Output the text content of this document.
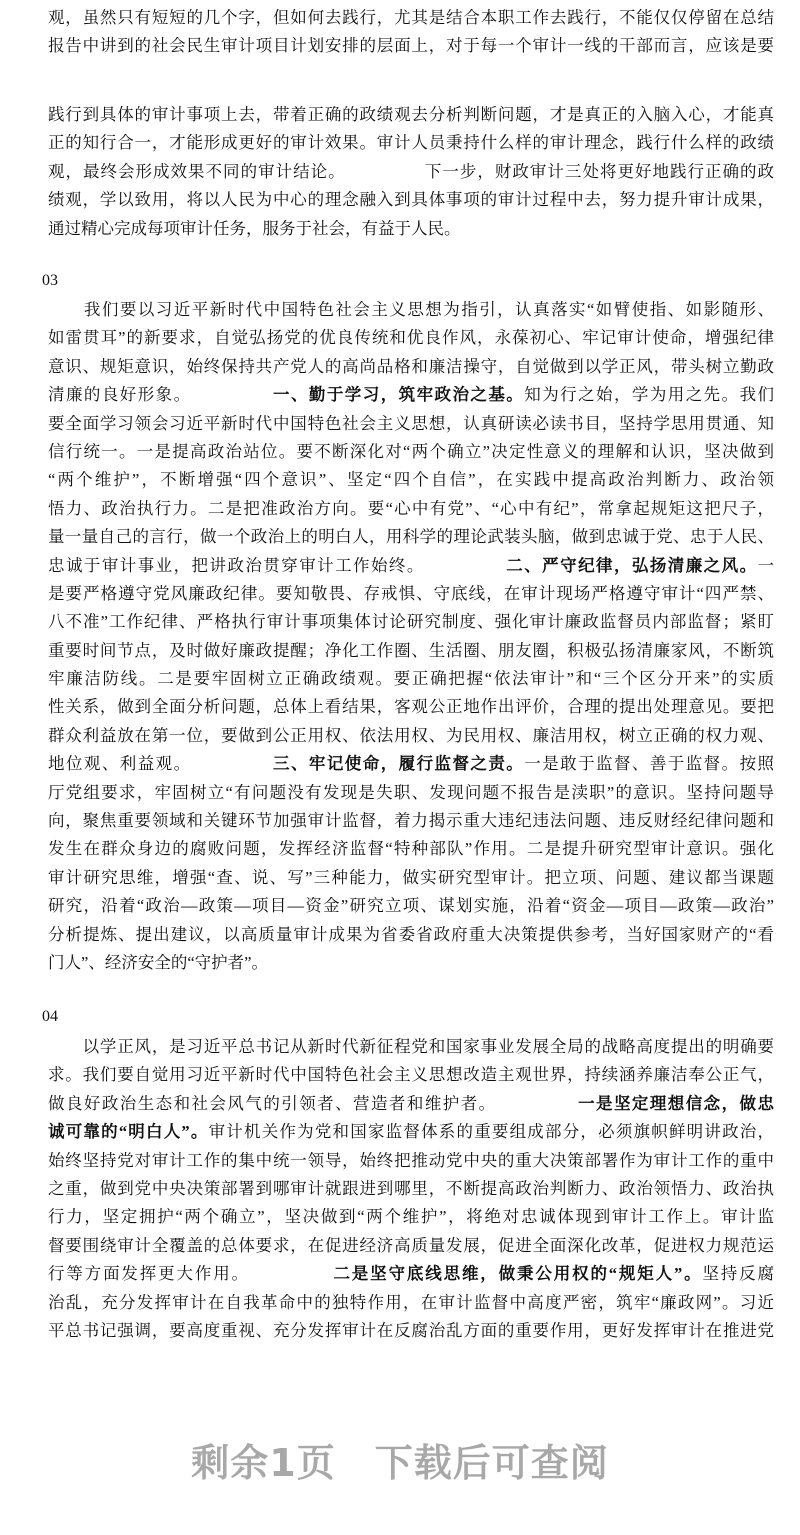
观，虽然只有短短的几个字，但如何去践行，尤其是结合本职工作去践行，不能仅仅停留在总结
报告中讲到的社会民生审计项目计划安排的层面上，对于每一个审计一线的干部而言，应该是要
践行到具体的审计事项上去，带着正确的政绩观去分析判断问题，才是真正的入脑入心，才能真
正的知行合一，才能形成更好的审计效果。审计人员秉持什么样的审计理念，践行什么样的政绩
观，最终会形成效果不同的审计结论。　　　　　下一步，财政审计三处将更好地践行正确的政
绩观，学以致用，将以人民为中心的理念融入到具体事项的审计过程中去，努力提升审计成果，
通过精心完成每项审计任务，服务于社会，有益于人民。
03
　　我们要以习近平新时代中国特色社会主义思想为指引，认真落实“如臂使指、如影随形、
如雷贯耳”的新要求，自觉弘扬党的优良传统和优良作风，永葆初心、牢记审计使命，增强纪律
意识、规矩意识，始终保持共产党人的高尚品格和廉洁操守，自觉做到以学正风，带头树立勤政
清廉的良好形象。　　　　　一、勤于学习，筑牢政治之基。知为行之始，学为用之先。我们
要全面学习领会习近平新时代中国特色社会主义思想，认真研读必读书目，坚持学思用贯通、知
信行统一。一是提高政治站位。要不断深化对“两个确立”决定性意义的理解和认识，坚决做到
“两个维护”，不断增强“四个意识”、坚定“四个自信”，在实践中提高政治判断力、政治领
悟力、政治执行力。二是把准政治方向。要“心中有党”、“心中有纪”，常拿起规矩这把尺子，
量一量自己的言行，做一个政治上的明白人，用科学的理论武装头脑，做到忠诚于党、忠于人民、
忠诚于审计事业，把讲政治贯穿审计工作始终。　　　　　二、严守纪律，弘扬清廉之风。一
是要严格遵守党风廉政纪律。要知敬畏、存戒惧、守底线，在审计现场严格遵守审计“四严禁、
八不准”工作纪律、严格执行审计事项集体讨论研究制度、强化审计廉政监督员内部监督；紧盯
重要时间节点，及时做好廉政提醒；净化工作圈、生活圈、朋友圈，积极弘扬清廉家风，不断筑
牢廉洁防线。二是要牢固树立正确政绩观。要正确把握“依法审计”和“三个区分开来”的实质
性关系，做到全面分析问题，总体上看结果，客观公正地作出评价，合理的提出处理意见。要把
群众利益放在第一位，要做到公正用权、依法用权、为民用权、廉洁用权，树立正确的权力观、
地位观、利益观。　　　　　三、牢记使命，履行监督之责。一是敢于监督、善于监督。按照
厅党组要求，牢固树立“有问题没有发现是失职、发现问题不报告是渎职”的意识。坚持问题导
向，聚焦重要领域和关键环节加强审计监督，着力揭示重大违纪违法问题、违反财经纪律问题和
发生在群众身边的腐败问题，发挥经济监督“特种部队”作用。二是提升研究型审计意识。强化
审计研究思维，增强“查、说、写”三种能力，做实研究型审计。把立项、问题、建议都当课题
研究，沿着“政治—政策—项目—资金”研究立项、谋划实施，沿着“资金—项目—政策—政治”
分析提炼、提出建议，以高质量审计成果为省委省政府重大决策提供参考，当好国家财产的“看
门人”、经济安全的“守护者”。
04
　　以学正风，是习近平总书记从新时代新征程党和国家事业发展全局的战略高度提出的明确要
求。我们要自觉用习近平新时代中国特色社会主义思想改造主观世界，持续涵养廉洁奉公正气，
做良好政治生态和社会风气的引领者、营造者和维护者。　　　　　一是坚定理想信念，做忠
诚可靠的“明白人”。审计机关作为党和国家监督体系的重要组成部分，必须旗帜鲜明讲政治，
始终坚持党对审计工作的集中统一领导，始终把推动党中央的重大决策部署作为审计工作的重中
之重，做到党中央决策部署到哪审计就跟进到哪里，不断提高政治判断力、政治领悟力、政治执
行力，坚定拥护“两个确立”，坚决做到“两个维护”，将绝对忠诚体现到审计工作上。审计监
督要围绕审计全覆盖的总体要求，在促进经济高质量发展，促进全面深化改革，促进权力规范运
行等方面发挥更大作用。　　　　　二是坚守底线思维，做秉公用权的“规矩人”。坚持反腐
治乱，充分发挥审计在自我革命中的独特作用，在审计监督中高度严密，筑牢“廉政网”。习近
平总书记强调，要高度重视、充分发挥审计在反腐治乱方面的重要作用，更好发挥审计在推进党
剩余1页　 下载后可查阅
